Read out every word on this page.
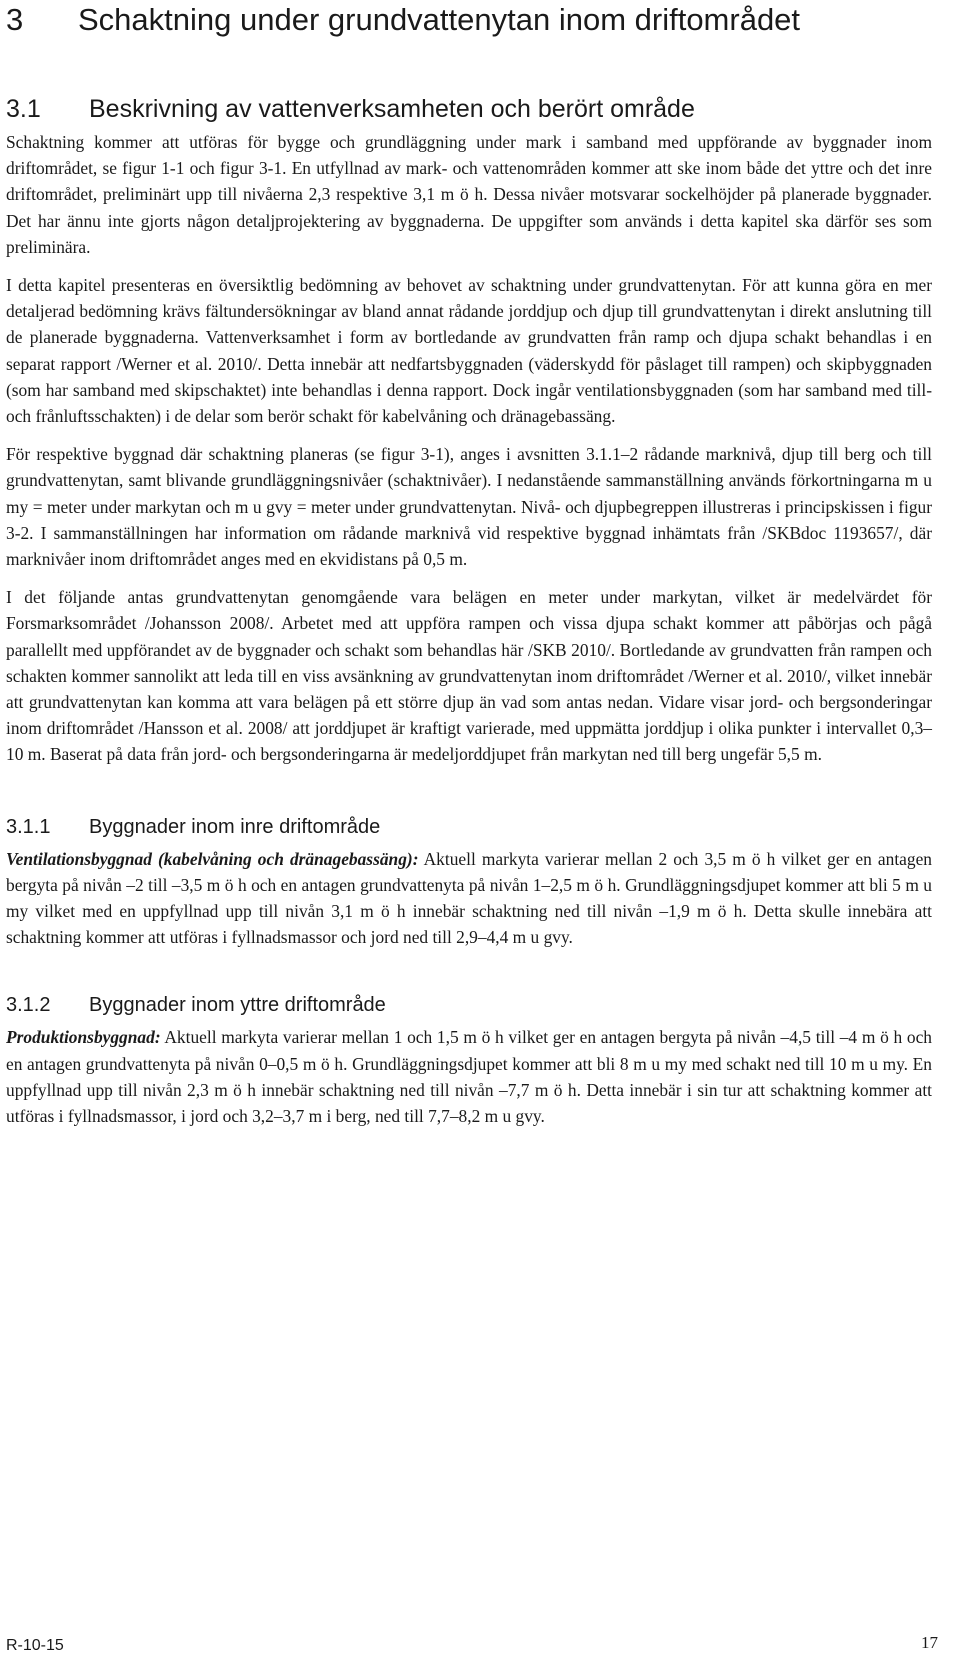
3	Schaktning under grundvattenytan inom driftområdet
3.1	Beskrivning av vattenverksamheten och berört område

Schaktning kommer att utföras för bygge och grundläggning under mark i samband med uppförande av byggnader inom driftområdet, se figur 1-1 och figur 3-1. En utfyllnad av mark- och vattenområden kommer att ske inom både det yttre och det inre driftområdet, preliminärt upp till nivåerna 2,3 respektive 3,1 m ö h. Dessa nivåer motsvarar sockelhöjder på planerade byggnader. Det har ännu inte gjorts någon detaljprojektering av byggnaderna. De uppgifter som används i detta kapitel ska därför ses som preliminära.

I detta kapitel presenteras en översiktlig bedömning av behovet av schaktning under grundvattenytan. För att kunna göra en mer detaljerad bedömning krävs fältundersökningar av bland annat rådande jorddjup och djup till grundvattenytan i direkt anslutning till de planerade byggnaderna. Vattenverksamhet i form av bortledande av grundvatten från ramp och djupa schakt behandlas i en separat rapport /Werner et al. 2010/. Detta innebär att nedfartsbyggnaden (väderskydd för påslaget till rampen) och skipbyggnaden (som har samband med skipschaktet) inte behandlas i denna rapport. Dock ingår ventilationsbyggnaden (som har samband med till- och frånluftsschakten) i de delar som berör schakt för kabelvåning och dränagebassäng.

För respektive byggnad där schaktning planeras (se figur 3-1), anges i avsnitten 3.1.1–2 rådande marknivå, djup till berg och till grundvattenytan, samt blivande grundläggningsnivåer (schaktnivåer). I nedanstående sammanställning används förkortningarna m u my = meter under markytan och m u gvy = meter under grundvattenytan. Nivå- och djupbegreppen illustreras i principskissen i figur 3-2. I sammanställningen har information om rådande marknivå vid respektive byggnad inhämtats från /SKBdoc 1193657/, där marknivåer inom driftområdet anges med en ekvidistans på 0,5 m.

I det följande antas grundvattenytan genomgående vara belägen en meter under markytan, vilket är medelvärdet för Forsmarksområdet /Johansson 2008/. Arbetet med att uppföra rampen och vissa djupa schakt kommer att påbörjas och pågå parallellt med uppförandet av de byggnader och schakt som behandlas här /SKB 2010/. Bortledande av grundvatten från rampen och schakten kommer sannolikt att leda till en viss avsänkning av grundvattenytan inom driftområdet /Werner et al. 2010/, vilket innebär att grundvattenytan kan komma att vara belägen på ett större djup än vad som antas nedan. Vidare visar jord- och bergsonderingar inom driftområdet /Hansson et al. 2008/ att jorddjupet är kraftigt varierade, med uppmätta jorddjup i olika punkter i intervallet 0,3–10 m. Baserat på data från jord- och bergsonderingarna är medeljorddjupet från markytan ned till berg ungefär 5,5 m.

3.1.1	Byggnader inom inre driftområde

Ventilationsbyggnad (kabelvåning och dränagebassäng): Aktuell markyta varierar mellan 2 och 3,5 m ö h vilket ger en antagen bergyta på nivån –2 till –3,5 m ö h och en antagen grundvattenyta på nivån 1–2,5 m ö h. Grundläggningsdjupet kommer att bli 5 m u my vilket med en uppfyllnad upp till nivån 3,1 m ö h innebär schaktning ned till nivån –1,9 m ö h. Detta skulle innebära att schaktning kommer att utföras i fyllnadsmassor och jord ned till 2,9–4,4 m u gvy.

3.1.2	Byggnader inom yttre driftområde

Produktionsbyggnad: Aktuell markyta varierar mellan 1 och 1,5 m ö h vilket ger en antagen bergyta på nivån –4,5 till –4 m ö h och en antagen grundvattenyta på nivån 0–0,5 m ö h. Grundläggningsdjupet kommer att bli 8 m u my med schakt ned till 10 m u my. En uppfyllnad upp till nivån 2,3 m ö h innebär schaktning ned till nivån –7,7 m ö h. Detta innebär i sin tur att schaktning kommer att utföras i fyllnadsmassor, i jord och 3,2–3,7 m i berg, ned till 7,7–8,2 m u gvy.

R-10-15	17
